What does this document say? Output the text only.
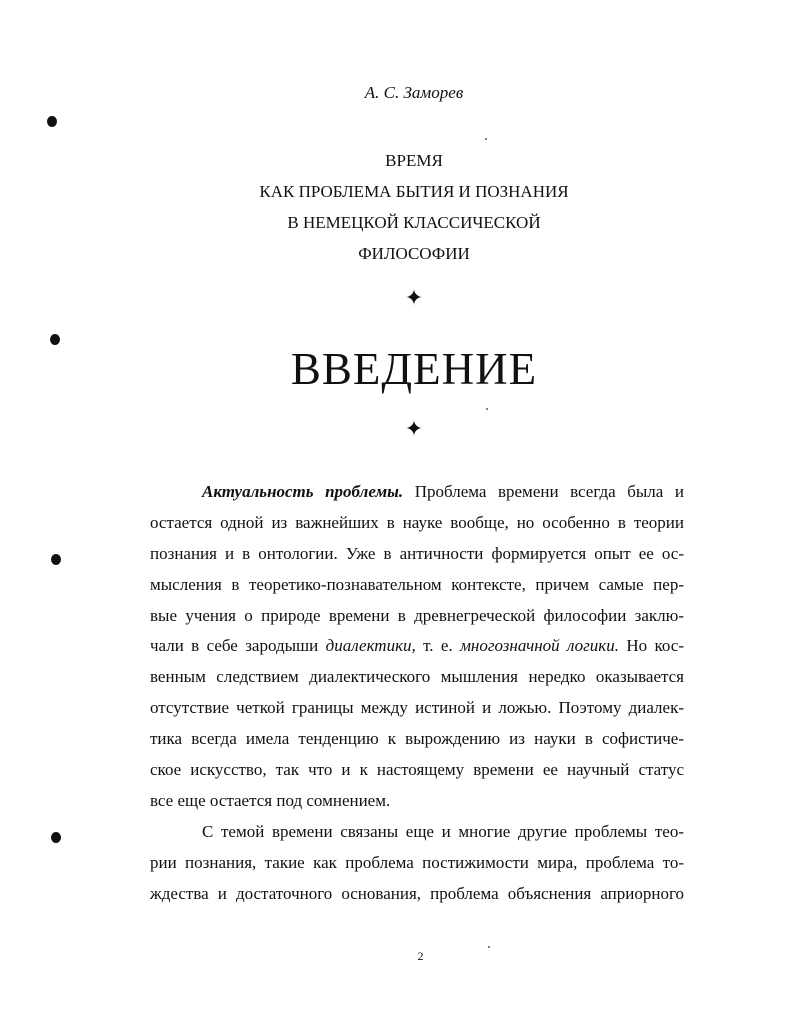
А. С. Заморев
ВРЕМЯ
КАК ПРОБЛЕМА БЫТИЯ И ПОЗНАНИЯ
В НЕМЕЦКОЙ КЛАССИЧЕСКОЙ
ФИЛОСОФИИ
✦
ВВЕДЕНИЕ
✦
Актуальность проблемы. Проблема времени всегда была и
остается одной из важнейших в науке вообще, но особенно в теории
познания и в онтологии. Уже в античности формируется опыт ее ос-
мысления в теоретико-познавательном контексте, причем самые пер-
вые учения о природе времени в древнегреческой философии заклю-
чали в себе зародыши диалектики, т. е. многозначной логики. Но кос-
венным следствием диалектического мышления нередко оказывается
отсутствие четкой границы между истиной и ложью. Поэтому диалек-
тика всегда имела тенденцию к вырождению из науки в софистиче-
ское искусство, так что и к настоящему времени ее научный статус
все еще остается под сомнением.
С темой времени связаны еще и многие другие проблемы тео-
рии познания, такие как проблема постижимости мира, проблема то-
ждества и достаточного основания, проблема объяснения априорного
2
